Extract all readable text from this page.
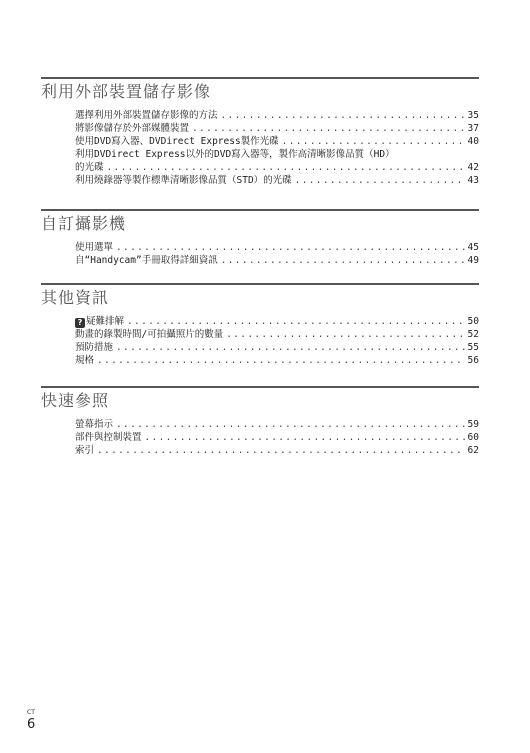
利用外部裝置儲存影像
選擇利用外部裝置儲存影像的方法 . . .	35
將影像儲存於外部媒體裝置 . . .	37
使用DVD寫入器、DVDirect Express製作光碟 . . .	40
利用DVDirect Express以外的DVD寫入器等，製作高清晰影像品質（HD）
的光碟 . . .	42
利用燒錄器等製作標準清晰影像品質（STD）的光碟 . . .	43
自訂攝影機
使用選單 . . .	45
自“Handycam”手冊取得詳細資訊 . . .	49
其他資訊
? 疑難排解 . . .	50
動畫的錄製時間/可拍攝照片的數量 . . .	52
預防措施 . . .	55
規格 . . .	56
快速參照
螢幕指示 . . .	59
部件與控制裝置 . . .	60
索引 . . .	62
CT
6
